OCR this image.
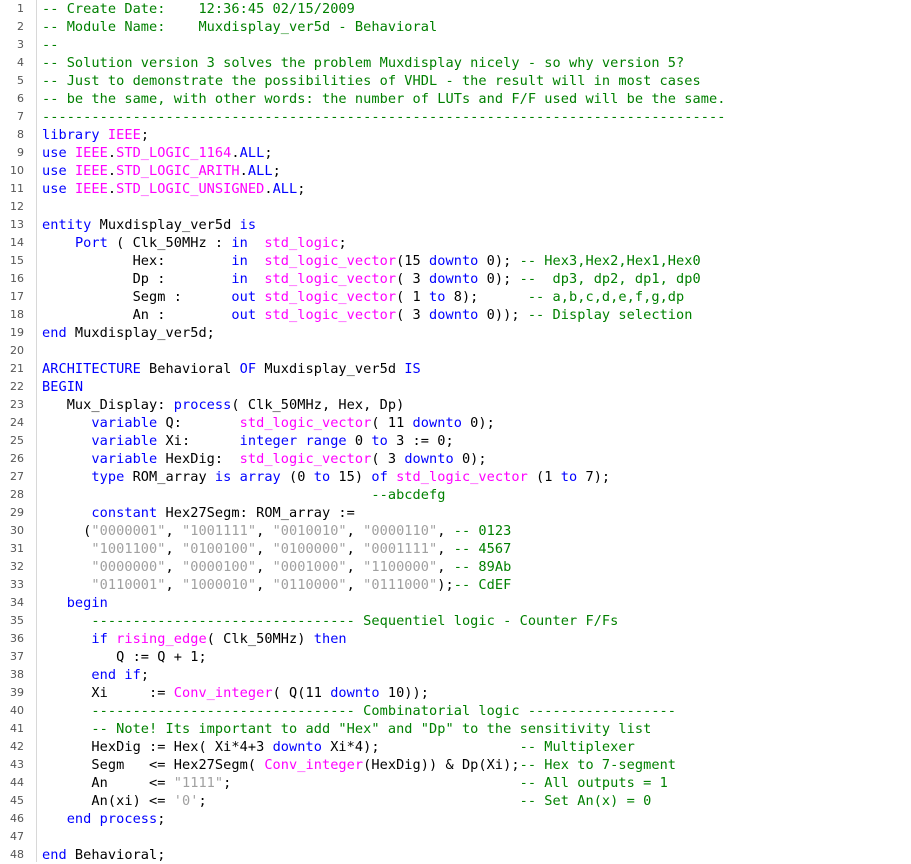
1 -- Create Date:    12:36:45 02/15/2009
2 -- Module Name:    Muxdisplay_ver5d - Behavioral
3 --
4 -- Solution version 3 solves the problem Muxdisplay nicely - so why version 5?
5 -- Just to demonstrate the possibilities of VHDL - the result will in most cases
6 -- be the same, with other words: the number of LUTs and F/F used will be the same.
7 -----------------------------------------------------------------------------------
8 library IEEE;
9 use IEEE.STD_LOGIC_1164.ALL;
10 use IEEE.STD_LOGIC_ARITH.ALL;
11 use IEEE.STD_LOGIC_UNSIGNED.ALL;
12
13 entity Muxdisplay_ver5d is
14	Port ( Clk_50MHz : in std_logic;
15 Hex:        in std_logic_vector(15 downto 0); -- Hex3,Hex2,Hex1,Hex0
16 Dp :        in std_logic_vector( 3 downto 0); --  dp3, dp2, dp1, dp0
17 Segm :      out std_logic_vector( 1 to 8);      -- a,b,c,d,e,f,g,dp
18 An :        out std_logic_vector( 3 downto 0)); -- Display selection
19 end Muxdisplay_ver5d;
20
21 ARCHITECTURE Behavioral OF Muxdisplay_ver5d IS
22 BEGIN
23 Mux_Display: process( Clk_50MHz, Hex, Dp)
24	variable Q:       std_logic_vector( 11 downto 0);
25	variable Xi:      integer range 0 to 3 := 0;
26	variable HexDig:  std_logic_vector( 3 downto 0);
27	type ROM_array is array (0 to 15) of std_logic_vector (1 to 7);
28	--abcdefg
29	constant Hex27Segm: ROM_array :=
30 ("0000001", "1001111", "0010010", "0000110", -- 0123
31	"1001100", "0100100", "0100000", "0001111", -- 4567
32	"0000000", "0000100", "0001000", "1100000", -- 89Ab
33	"0110001", "1000010", "0110000", "0111000");-- CdEF
34	begin
35	-------------------------------- Sequentiel logic - Counter F/Fs
36	if rising_edge( Clk_50MHz) then
37 Q := Q + 1;
38	end if;
39 Xi     := Conv_integer( Q(11 downto 10));
40	-------------------------------- Combinatorial logic ------------------
41	-- Note! Its important to add "Hex" and "Dp" to the sensitivity list
42 HexDig := Hex( Xi*4+3 downto Xi*4);                 -- Multiplexer
43 Segm   <= Hex27Segm( Conv_integer(HexDig)) & Dp(Xi);-- Hex to 7-segment
44 An     <= "1111";                                   -- All outputs = 1
45 An(xi) <= '0';                                      -- Set An(x) = 0
46	end process;
47
48 end Behavioral;
